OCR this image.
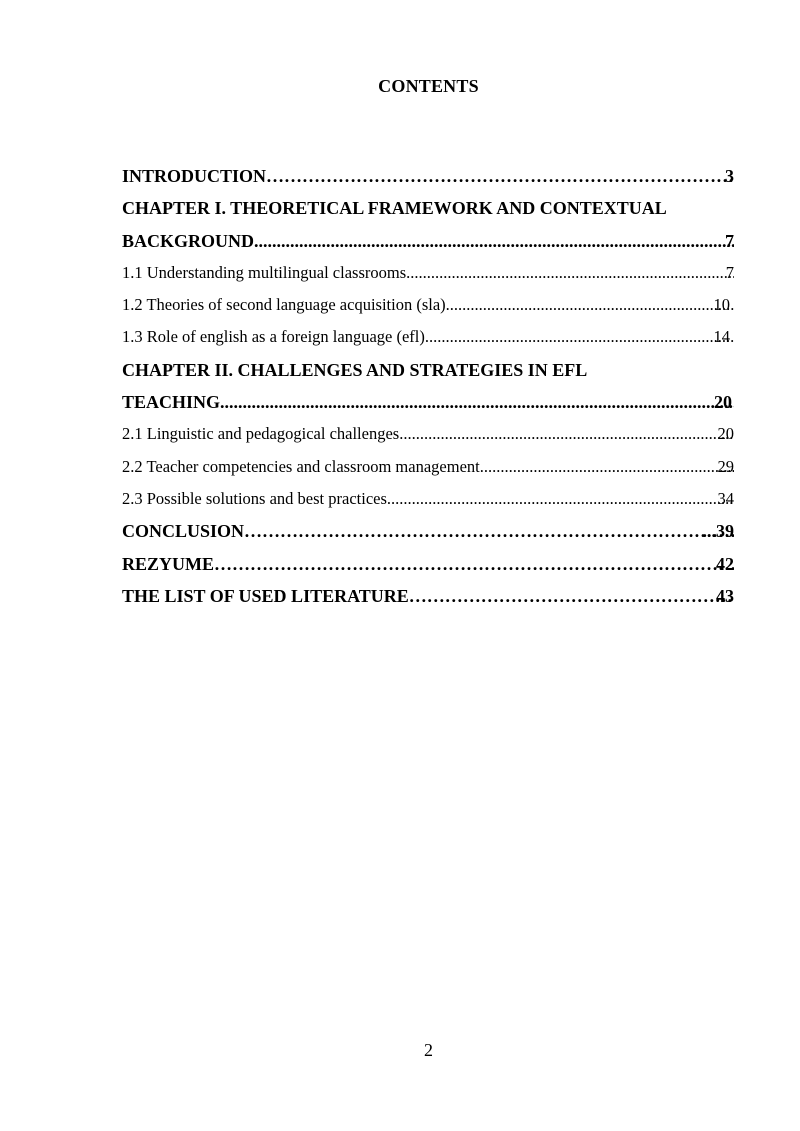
CONTENTS
INTRODUCTION …………………………………………………………………………………………………………………………	3
CHAPTER I. THEORETICAL FRAMEWORK AND CONTEXTUAL
BACKGROUND .....	7
1.1 Understanding multilingual classrooms .....	7
1.2 Theories of second language acquisition (sla) .....	10
1.3 Role of english as a foreign language (efl) .....	14
CHAPTER II. CHALLENGES AND STRATEGIES IN EFL
TEACHING .....	20
2.1 Linguistic and pedagogical challenges .....	20
2.2 Teacher competencies and classroom management .....	29
2.3 Possible solutions and best practices .....	34
CONCLUSION …………………………………………………………………………………………………………………………	...39
REZYUME …………………………………………………………………………………………………………………………	42
THE LIST OF USED LITERATURE …………………………………………………………………………………………………………………………	43
2
